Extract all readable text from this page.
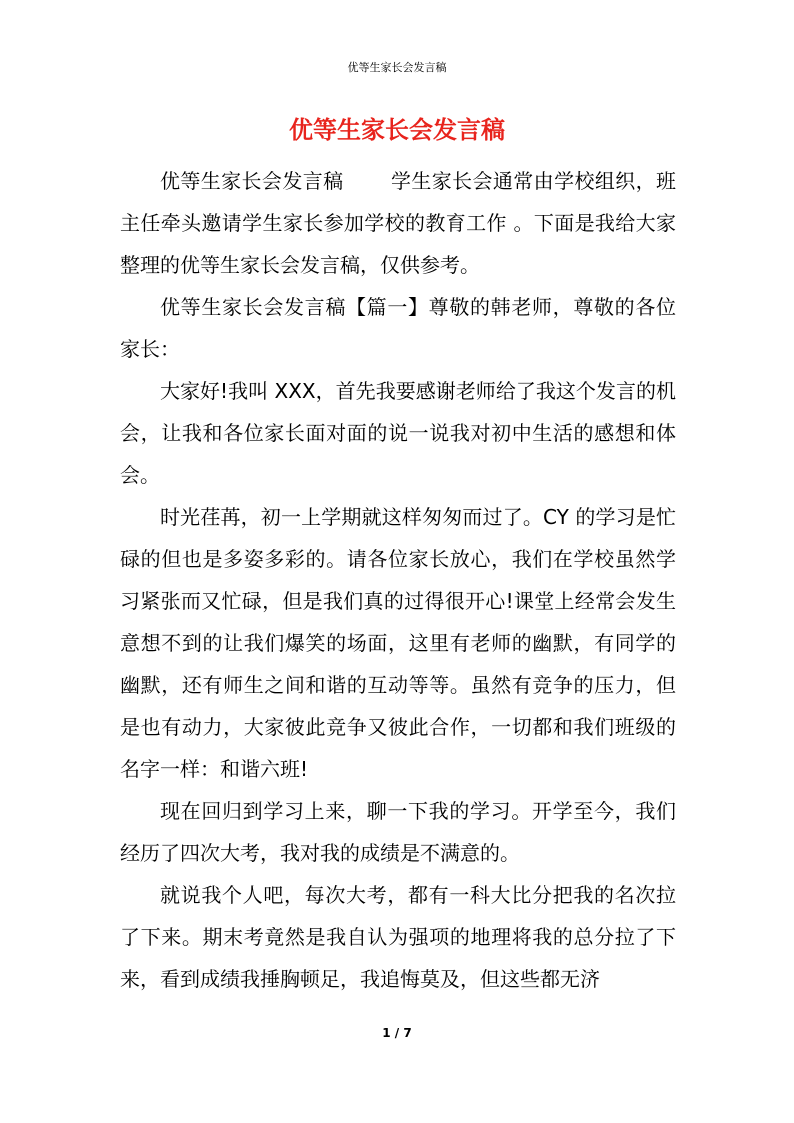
优等生家长会发言稿
优等生家长会发言稿

优等生家长会发言稿 　　学生家长会通常由学校组织，班主任牵头邀请学生家长参加学校的教育工作 。下面是我给大家整理的优等生家长会发言稿，仅供参考。

优等生家长会发言稿【篇一】尊敬的韩老师，尊敬的各位家长：

大家好!我叫 XXX，首先我要感谢老师给了我这个发言的机会，让我和各位家长面对面的说一说我对初中生活的感想和体会。

时光荏苒，初一上学期就这样匆匆而过了。CY 的学习是忙碌的但也是多姿多彩的。请各位家长放心，我们在学校虽然学习紧张而又忙碌，但是我们真的过得很开心!课堂上经常会发生意想不到的让我们爆笑的场面，这里有老师的幽默，有同学的幽默，还有师生之间和谐的互动等等。虽然有竞争的压力，但是也有动力，大家彼此竞争又彼此合作，一切都和我们班级的名字一样：和谐六班!

现在回归到学习上来，聊一下我的学习。开学至今，我们经历了四次大考，我对我的成绩是不满意的。

就说我个人吧，每次大考，都有一科大比分把我的名次拉了下来。期末考竟然是我自认为强项的地理将我的总分拉了下来，看到成绩我捶胸顿足，我追悔莫及，但这些都无济

1 / 7
